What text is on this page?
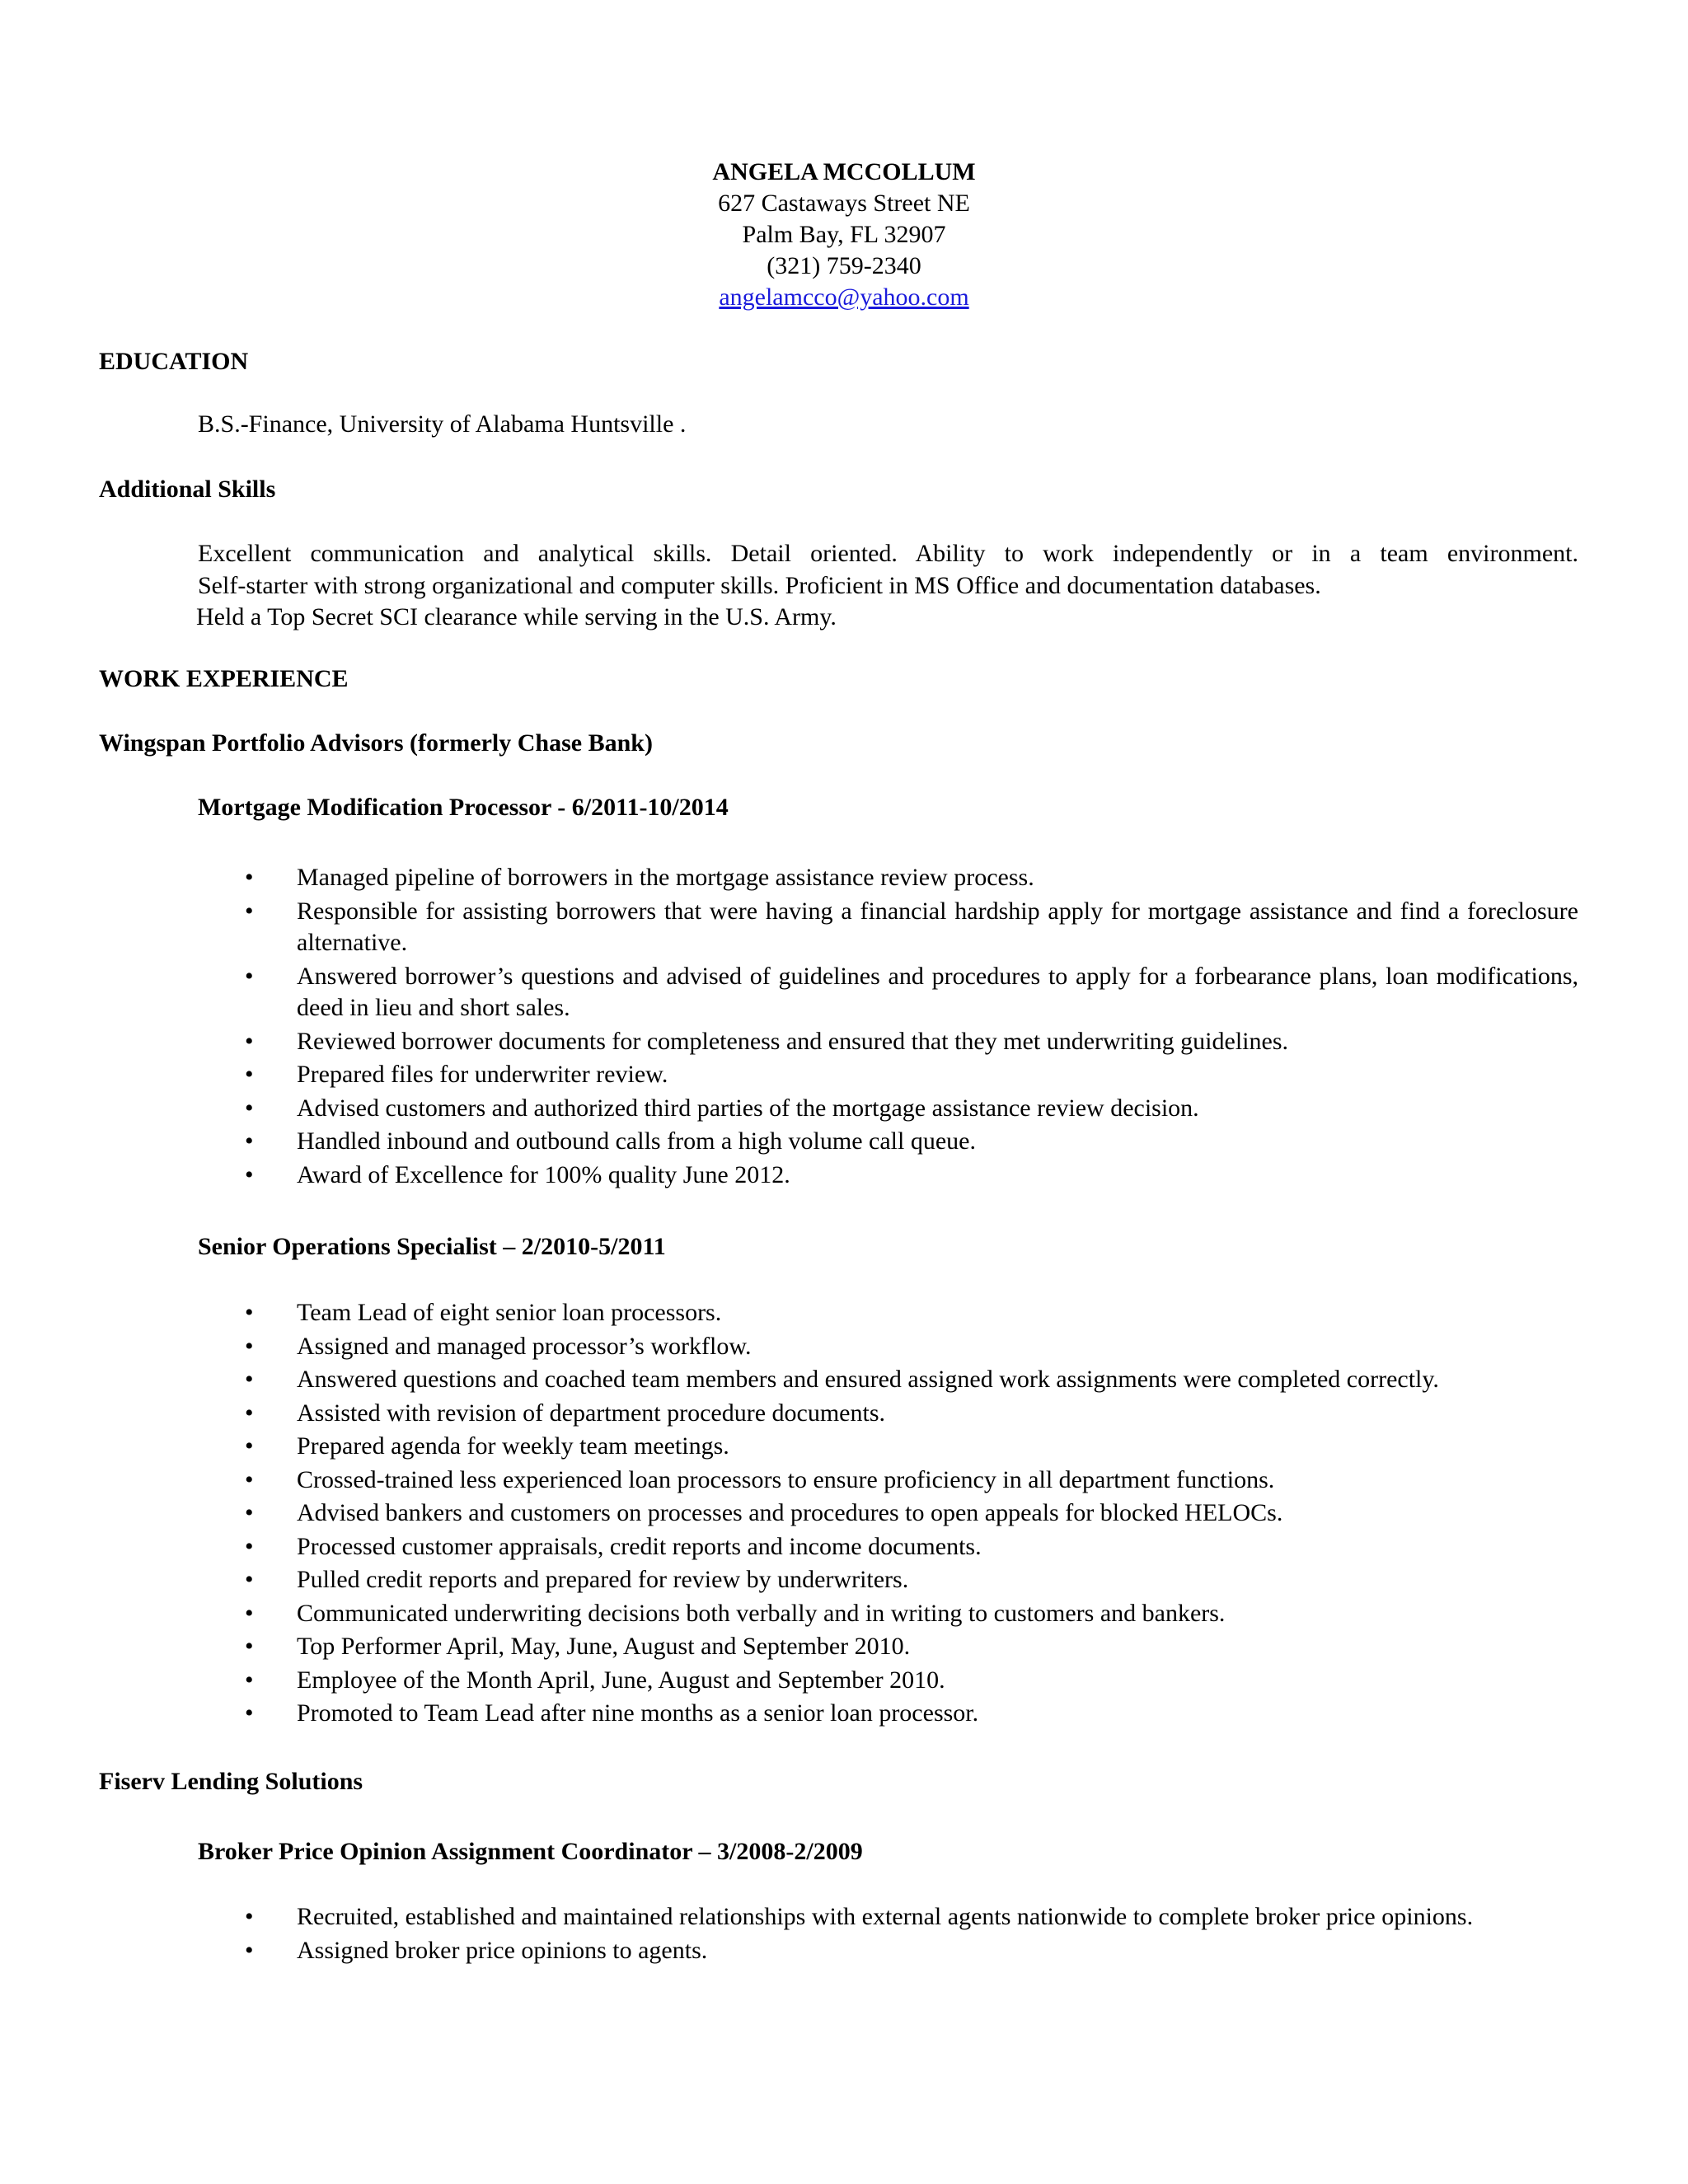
ANGELA MCCOLLUM
627 Castaways Street NE
Palm Bay, FL 32907
(321) 759-2340
angelamcco@yahoo.com
EDUCATION
B.S.-Finance, University of Alabama Huntsville .
Additional Skills
Excellent communication and analytical skills. Detail oriented. Ability to work independently or in a team environment.
Self-starter with strong organizational and computer skills. Proficient in MS Office and documentation databases.
Held a Top Secret SCI clearance while serving in the U.S. Army.
WORK EXPERIENCE
Wingspan Portfolio Advisors (formerly Chase Bank)
Mortgage Modification Processor - 6/2011-10/2014
• Managed pipeline of borrowers in the mortgage assistance review process.
• Responsible for assisting borrowers that were having a financial hardship apply for mortgage assistance and find a foreclosure alternative.
• Answered borrower’s questions and advised of guidelines and procedures to apply for a forbearance plans, loan modifications, deed in lieu and short sales.
• Reviewed borrower documents for completeness and ensured that they met underwriting guidelines.
• Prepared files for underwriter review.
• Advised customers and authorized third parties of the mortgage assistance review decision.
• Handled inbound and outbound calls from a high volume call queue.
• Award of Excellence for 100% quality June 2012.
Senior Operations Specialist – 2/2010-5/2011
• Team Lead of eight senior loan processors.
• Assigned and managed processor’s workflow.
• Answered questions and coached team members and ensured assigned work assignments were completed correctly.
• Assisted with revision of department procedure documents.
• Prepared agenda for weekly team meetings.
• Crossed-trained less experienced loan processors to ensure proficiency in all department functions.
• Advised bankers and customers on processes and procedures to open appeals for blocked HELOCs.
• Processed customer appraisals, credit reports and income documents.
• Pulled credit reports and prepared for review by underwriters.
• Communicated underwriting decisions both verbally and in writing to customers and bankers.
• Top Performer April, May, June, August and September 2010.
• Employee of the Month April, June, August and September 2010.
• Promoted to Team Lead after nine months as a senior loan processor.
Fiserv Lending Solutions
Broker Price Opinion Assignment Coordinator – 3/2008-2/2009
• Recruited, established and maintained relationships with external agents nationwide to complete broker price opinions.
• Assigned broker price opinions to agents.
